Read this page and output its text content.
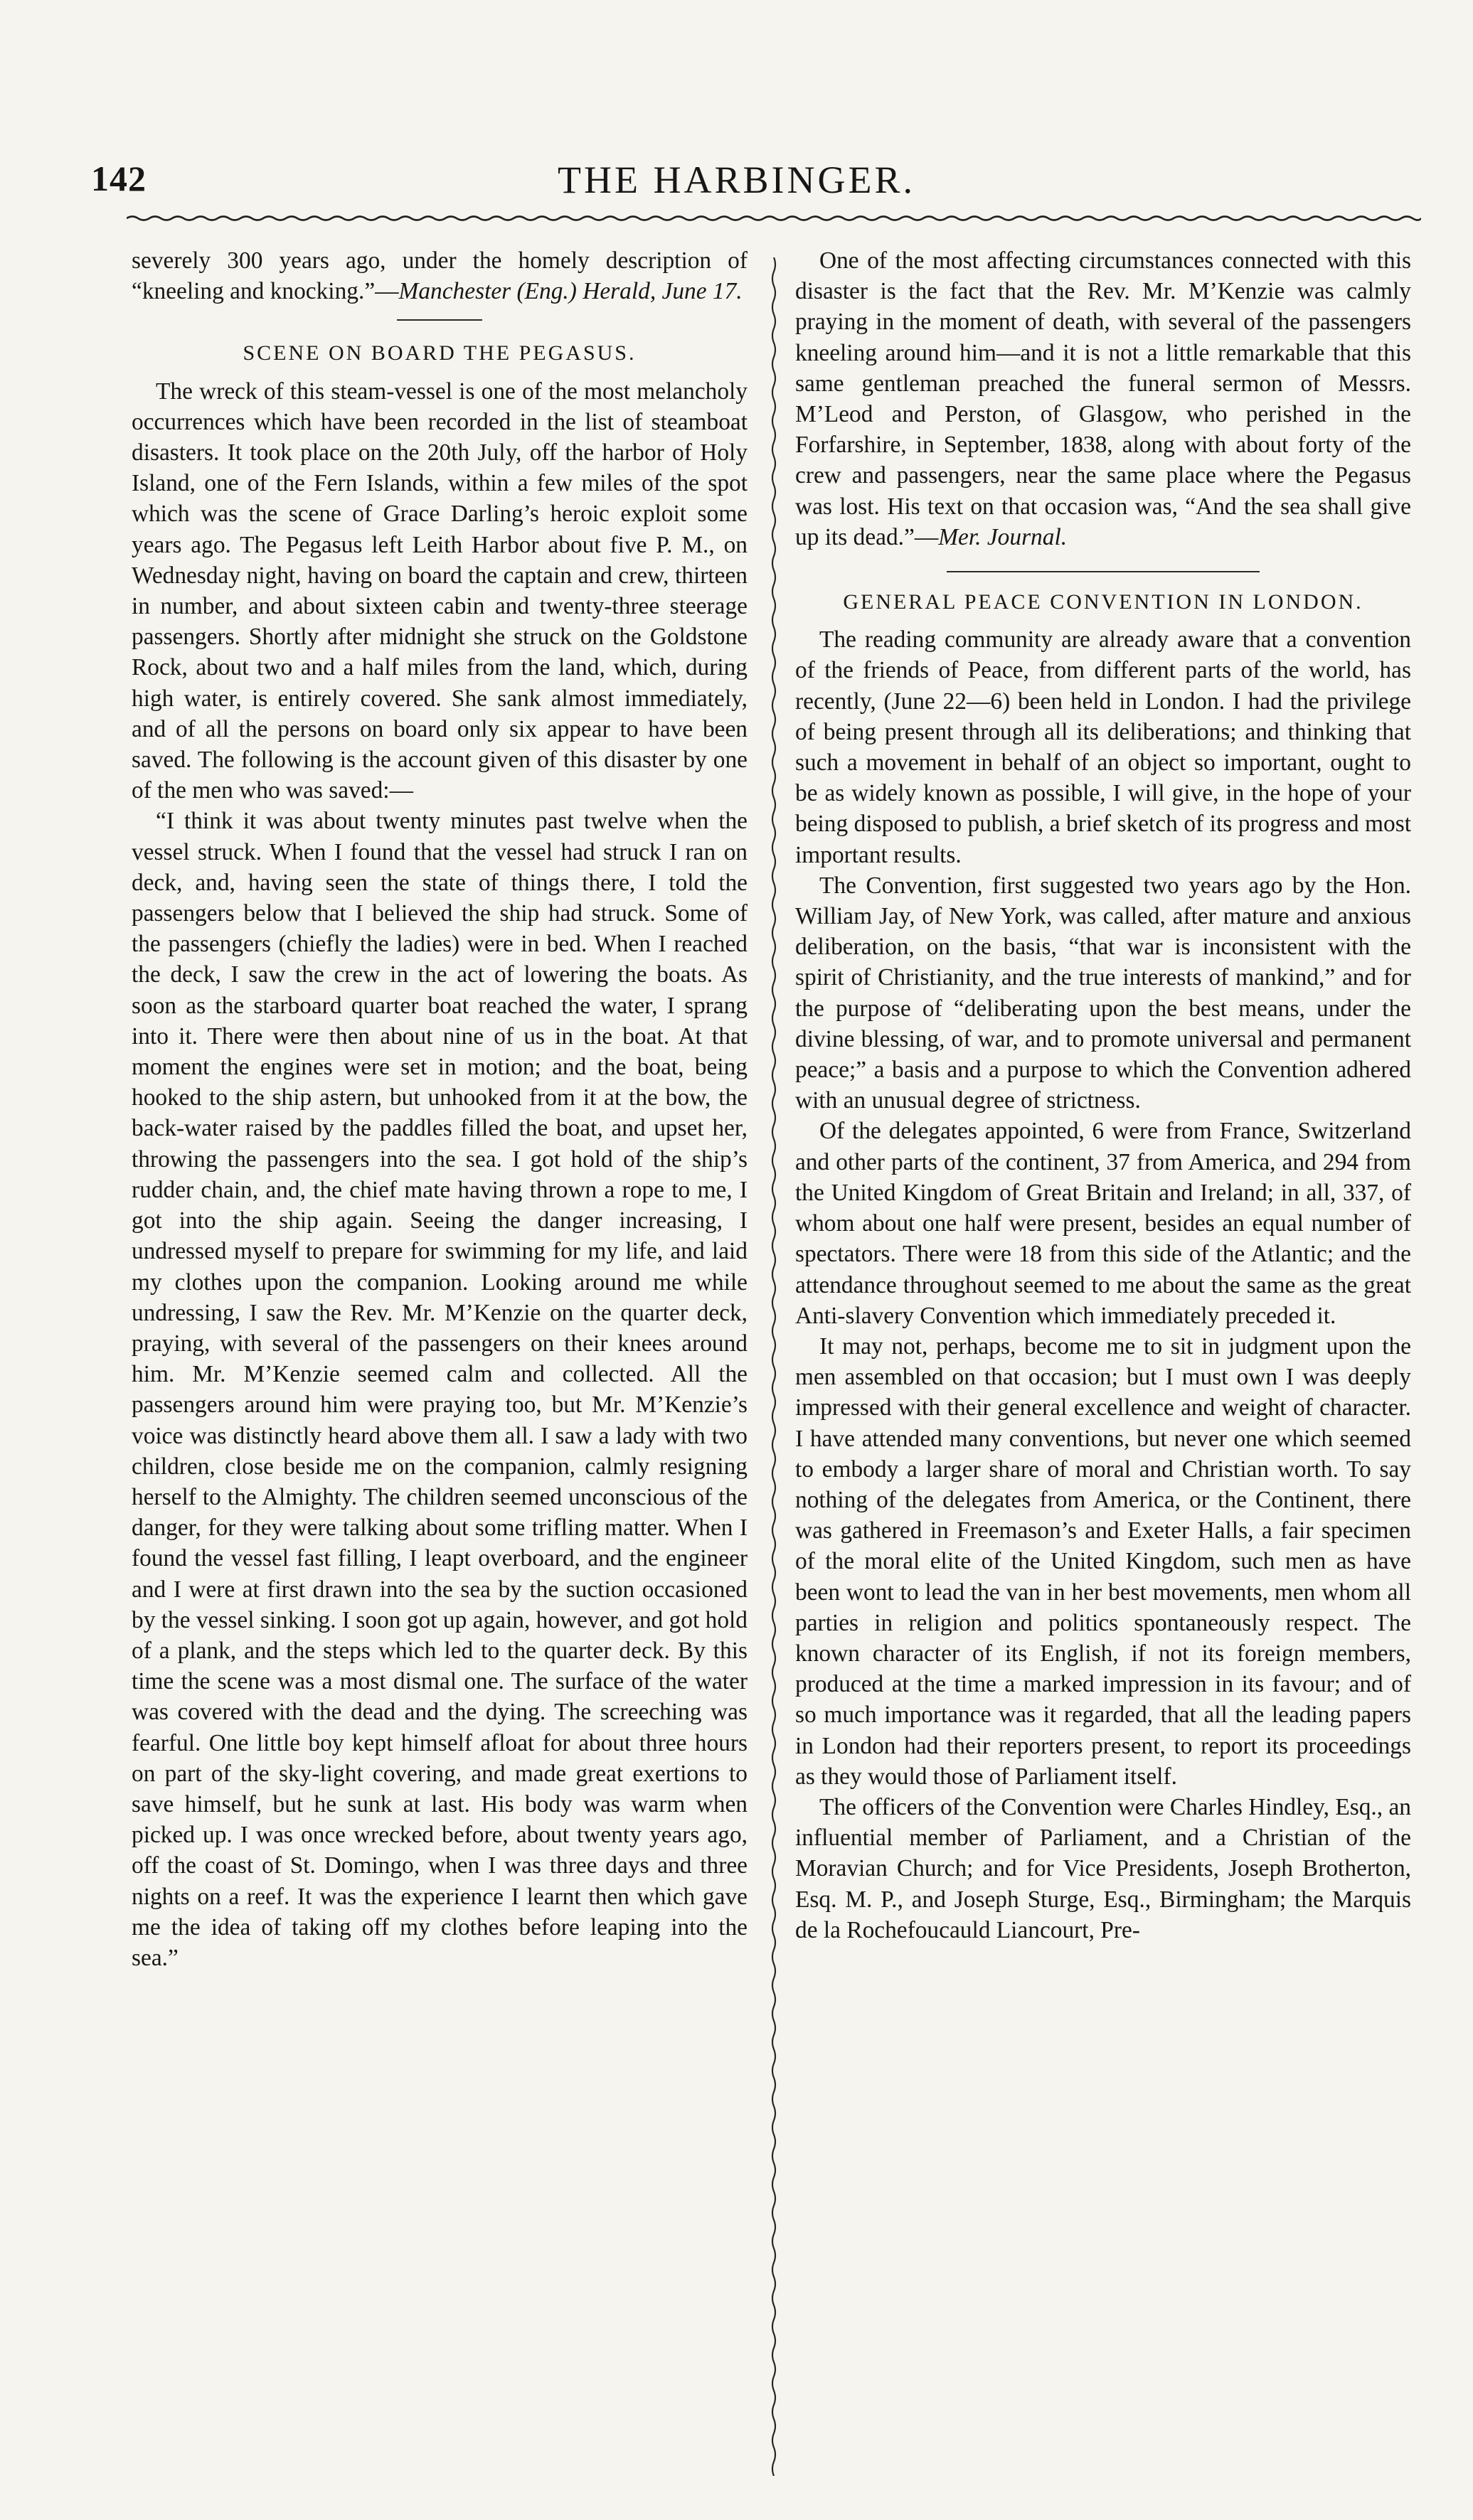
142	THE HARBINGER.

severely 300 years ago, under the homely description of “kneeling and knocking.”—Manchester (Eng.) Herald, June 17.

SCENE ON BOARD THE PEGASUS.

The wreck of this steam-vessel is one of the most melancholy occurrences which have been recorded in the list of steamboat disasters. It took place on the 20th July, off the harbor of Holy Island, one of the Fern Islands, within a few miles of the spot which was the scene of Grace Darling’s heroic exploit some years ago. The Pegasus left Leith Harbor about five P. M., on Wednesday night, having on board the captain and crew, thirteen in number, and about sixteen cabin and twenty-three steerage passengers. Shortly after midnight she struck on the Goldstone Rock, about two and a half miles from the land, which, during high water, is entirely covered. She sank almost immediately, and of all the persons on board only six appear to have been saved. The following is the account given of this disaster by one of the men who was saved:—

“I think it was about twenty minutes past twelve when the vessel struck. When I found that the vessel had struck I ran on deck, and, having seen the state of things there, I told the passengers below that I believed the ship had struck. Some of the passengers (chiefly the ladies) were in bed. When I reached the deck, I saw the crew in the act of lowering the boats. As soon as the starboard quarter boat reached the water, I sprang into it. There were then about nine of us in the boat. At that moment the engines were set in motion; and the boat, being hooked to the ship astern, but unhooked from it at the bow, the back-water raised by the paddles filled the boat, and upset her, throwing the passengers into the sea. I got hold of the ship’s rudder chain, and, the chief mate having thrown a rope to me, I got into the ship again. Seeing the danger increasing, I undressed myself to prepare for swimming for my life, and laid my clothes upon the companion. Looking around me while undressing, I saw the Rev. Mr. M’Kenzie on the quarter deck, praying, with several of the passengers on their knees around him. Mr. M’Kenzie seemed calm and collected. All the passengers around him were praying too, but Mr. M’Kenzie’s voice was distinctly heard above them all. I saw a lady with two children, close beside me on the companion, calmly resigning herself to the Almighty. The children seemed unconscious of the danger, for they were talking about some trifling matter. When I found the vessel fast filling, I leapt overboard, and the engineer and I were at first drawn into the sea by the suction occasioned by the vessel sinking. I soon got up again, however, and got hold of a plank, and the steps which led to the quarter deck. By this time the scene was a most dismal one. The surface of the water was covered with the dead and the dying. The screeching was fearful. One little boy kept himself afloat for about three hours on part of the sky-light covering, and made great exertions to save himself, but he sunk at last. His body was warm when picked up. I was once wrecked before, about twenty years ago, off the coast of St. Domingo, when I was three days and three nights on a reef. It was the experience I learnt then which gave me the idea of taking off my clothes before leaping into the sea.”

One of the most affecting circumstances connected with this disaster is the fact that the Rev. Mr. M’Kenzie was calmly praying in the moment of death, with several of the passengers kneeling around him—and it is not a little remarkable that this same gentleman preached the funeral sermon of Messrs. M’Leod and Perston, of Glasgow, who perished in the Forfarshire, in September, 1838, along with about forty of the crew and passengers, near the same place where the Pegasus was lost. His text on that occasion was, “And the sea shall give up its dead.”—Mer. Journal.

GENERAL PEACE CONVENTION IN LONDON.

The reading community are already aware that a convention of the friends of Peace, from different parts of the world, has recently, (June 22—6) been held in London. I had the privilege of being present through all its deliberations; and thinking that such a movement in behalf of an object so important, ought to be as widely known as possible, I will give, in the hope of your being disposed to publish, a brief sketch of its progress and most important results.

The Convention, first suggested two years ago by the Hon. William Jay, of New York, was called, after mature and anxious deliberation, on the basis, “that war is inconsistent with the spirit of Christianity, and the true interests of mankind,” and for the purpose of “deliberating upon the best means, under the divine blessing, of war, and to promote universal and permanent peace;” a basis and a purpose to which the Convention adhered with an unusual degree of strictness.

Of the delegates appointed, 6 were from France, Switzerland and other parts of the continent, 37 from America, and 294 from the United Kingdom of Great Britain and Ireland; in all, 337, of whom about one half were present, besides an equal number of spectators. There were 18 from this side of the Atlantic; and the attendance throughout seemed to me about the same as the great Anti-slavery Convention which immediately preceded it.

It may not, perhaps, become me to sit in judgment upon the men assembled on that occasion; but I must own I was deeply impressed with their general excellence and weight of character. I have attended many conventions, but never one which seemed to embody a larger share of moral and Christian worth. To say nothing of the delegates from America, or the Continent, there was gathered in Freemason’s and Exeter Halls, a fair specimen of the moral elite of the United Kingdom, such men as have been wont to lead the van in her best movements, men whom all parties in religion and politics spontaneously respect. The known character of its English, if not its foreign members, produced at the time a marked impression in its favour; and of so much importance was it regarded, that all the leading papers in London had their reporters present, to report its proceedings as they would those of Parliament itself.

The officers of the Convention were Charles Hindley, Esq., an influential member of Parliament, and a Christian of the Moravian Church; and for Vice Presidents, Joseph Brotherton, Esq. M. P., and Joseph Sturge, Esq., Birmingham; the Marquis de la Rochefoucauld Liancourt, Pre-
